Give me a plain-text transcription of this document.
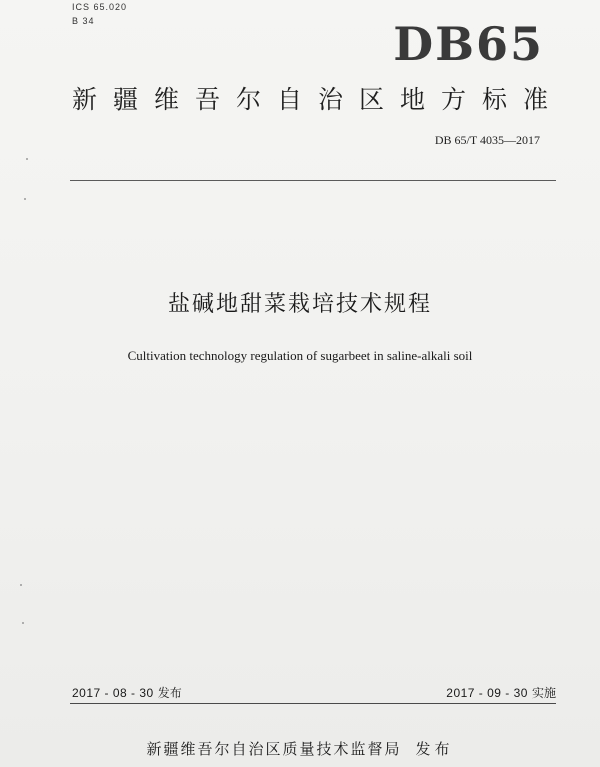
ICS 65.020
B 34	DB65
新疆维吾尔自治区地方标准
DB 65/T 4035—2017
盐碱地甜菜栽培技术规程
Cultivation technology regulation of sugarbeet in saline-alkali soil
2017 - 08 - 30 发布	2017 - 09 - 30 实施
新疆维吾尔自治区质量技术监督局 发布
